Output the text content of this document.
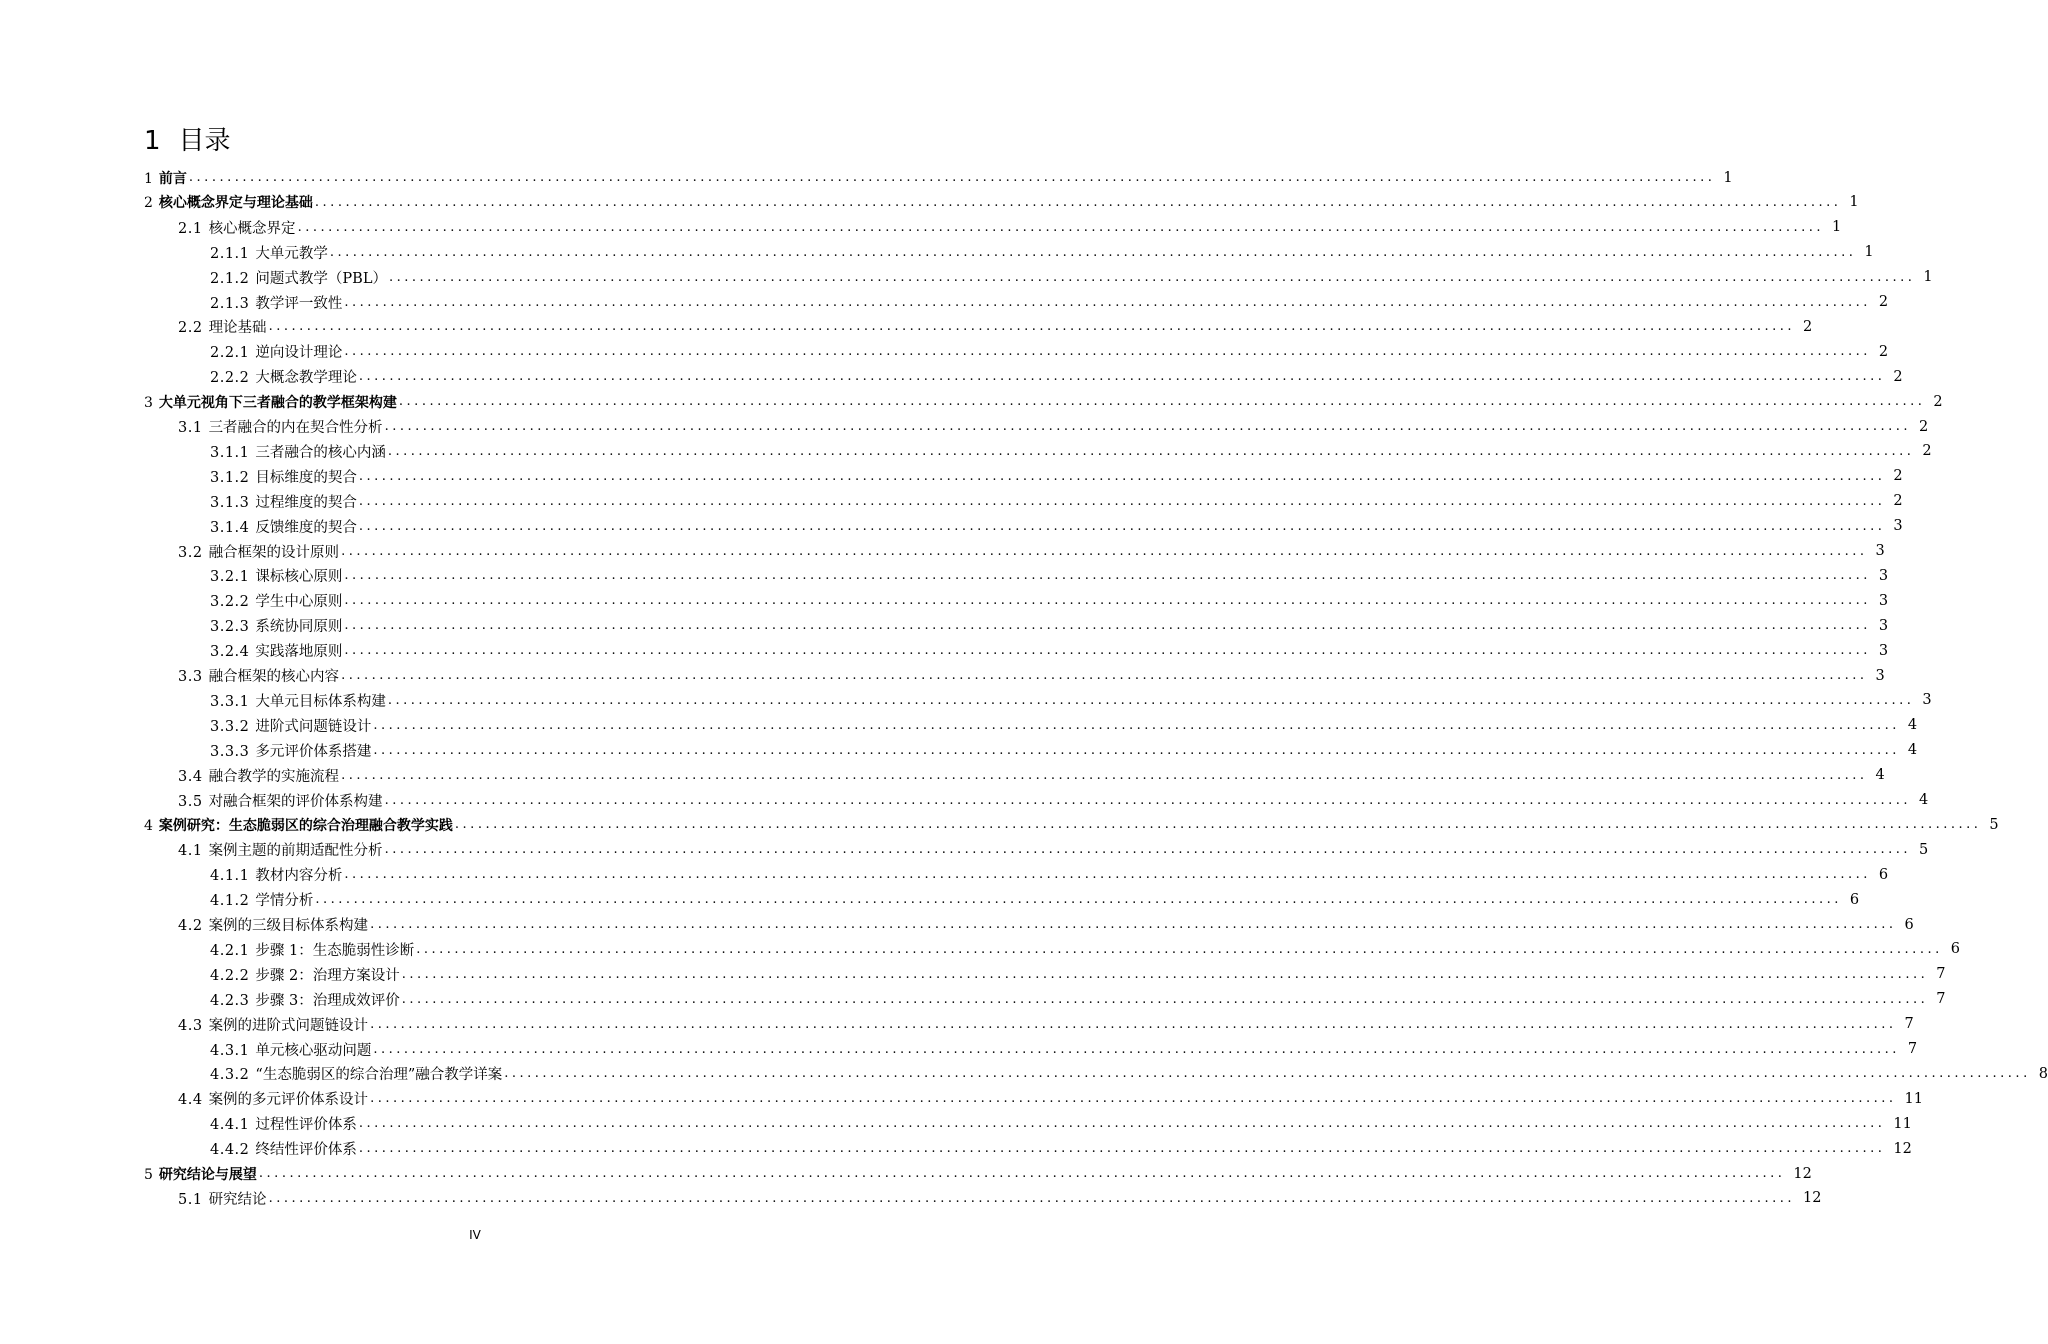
1 目录
1 前言 ........................................................................................................................................................................................................ 1
2 核心概念界定与理论基础 ........................................................................................................................................................................................................ 1
2.1 核心概念界定 ........................................................................................................................................................................................................ 1
2.1.1 大单元教学 ........................................................................................................................................................................................................ 1
2.1.2 问题式教学（PBL） ........................................................................................................................................................................................................ 1
2.1.3 教学评一致性 ........................................................................................................................................................................................................ 2
2.2 理论基础 ........................................................................................................................................................................................................ 2
2.2.1 逆向设计理论 ........................................................................................................................................................................................................ 2
2.2.2 大概念教学理论 ........................................................................................................................................................................................................ 2
3 大单元视角下三者融合的教学框架构建 ........................................................................................................................................................................................................ 2
3.1 三者融合的内在契合性分析 ........................................................................................................................................................................................................ 2
3.1.1 三者融合的核心内涵 ........................................................................................................................................................................................................ 2
3.1.2 目标维度的契合 ........................................................................................................................................................................................................ 2
3.1.3 过程维度的契合 ........................................................................................................................................................................................................ 2
3.1.4 反馈维度的契合 ........................................................................................................................................................................................................ 3
3.2 融合框架的设计原则 ........................................................................................................................................................................................................ 3
3.2.1 课标核心原则 ........................................................................................................................................................................................................ 3
3.2.2 学生中心原则 ........................................................................................................................................................................................................ 3
3.2.3 系统协同原则 ........................................................................................................................................................................................................ 3
3.2.4 实践落地原则 ........................................................................................................................................................................................................ 3
3.3 融合框架的核心内容 ........................................................................................................................................................................................................ 3
3.3.1 大单元目标体系构建 ........................................................................................................................................................................................................ 3
3.3.2 进阶式问题链设计 ........................................................................................................................................................................................................ 4
3.3.3 多元评价体系搭建 ........................................................................................................................................................................................................ 4
3.4 融合教学的实施流程 ........................................................................................................................................................................................................ 4
3.5 对融合框架的评价体系构建 ........................................................................................................................................................................................................ 4
4 案例研究：生态脆弱区的综合治理融合教学实践 ........................................................................................................................................................................................................ 5
4.1 案例主题的前期适配性分析 ........................................................................................................................................................................................................ 5
4.1.1 教材内容分析 ........................................................................................................................................................................................................ 6
4.1.2 学情分析 ........................................................................................................................................................................................................ 6
4.2 案例的三级目标体系构建 ........................................................................................................................................................................................................ 6
4.2.1 步骤 1：生态脆弱性诊断 ........................................................................................................................................................................................................ 6
4.2.2 步骤 2：治理方案设计 ........................................................................................................................................................................................................ 7
4.2.3 步骤 3：治理成效评价 ........................................................................................................................................................................................................ 7
4.3 案例的进阶式问题链设计 ........................................................................................................................................................................................................ 7
4.3.1 单元核心驱动问题 ........................................................................................................................................................................................................ 7
4.3.2 “生态脆弱区的综合治理”融合教学详案 ........................................................................................................................................................................................................ 8
4.4 案例的多元评价体系设计 ........................................................................................................................................................................................................ 11
4.4.1 过程性评价体系 ........................................................................................................................................................................................................ 11
4.4.2 终结性评价体系 ........................................................................................................................................................................................................ 12
5 研究结论与展望 ........................................................................................................................................................................................................ 12
5.1 研究结论 ........................................................................................................................................................................................................ 12
IV
